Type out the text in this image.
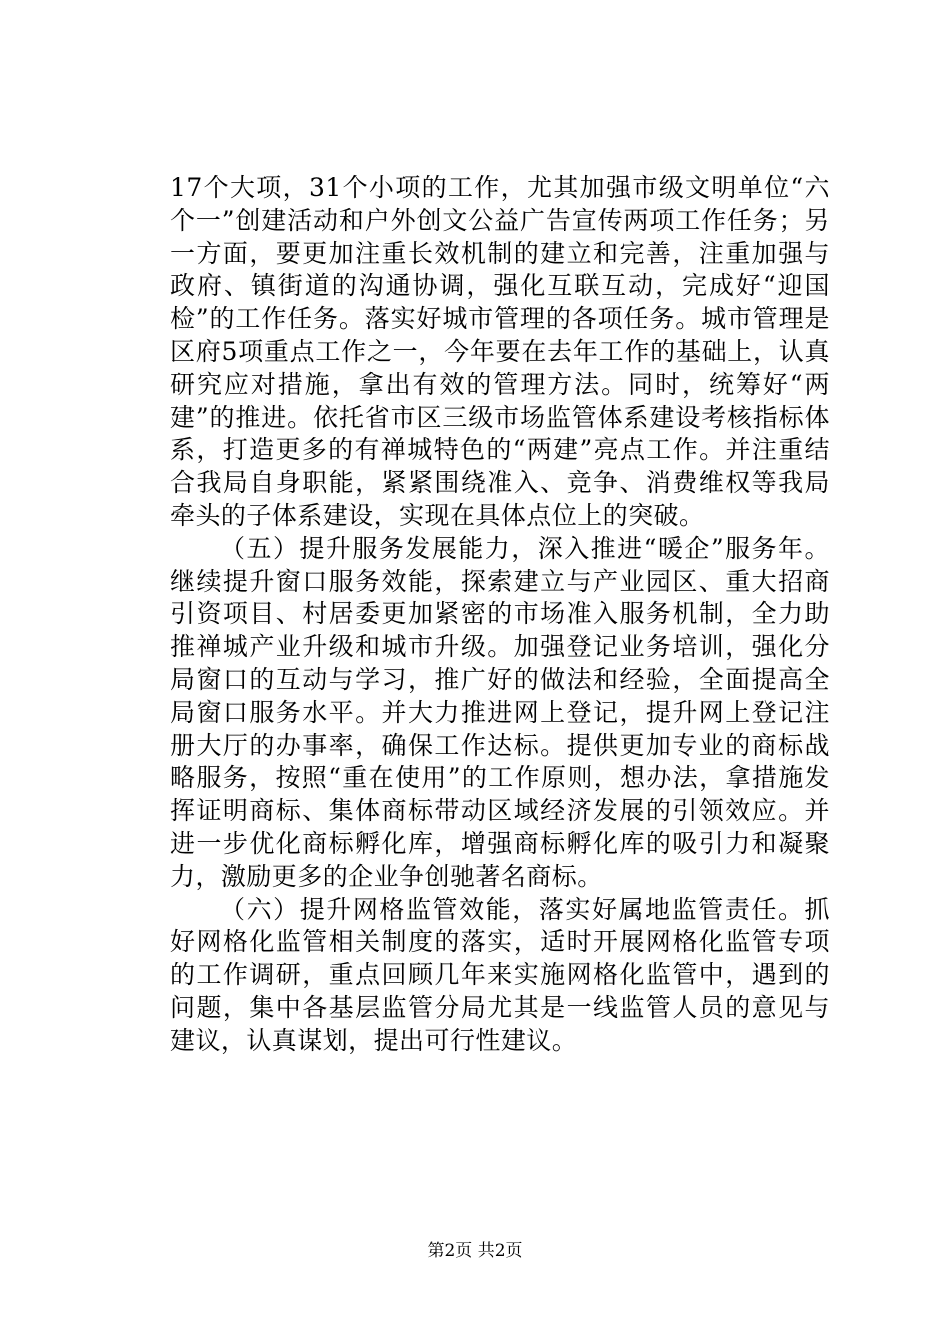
17个大项，31个小项的工作，尤其加强市级文明单位“六个一”创建活动和户外创文公益广告宣传两项工作任务；另一方面，要更加注重长效机制的建立和完善，注重加强与政府、镇街道的沟通协调，强化互联互动，完成好“迎国检”的工作任务。落实好城市管理的各项任务。城市管理是区府5项重点工作之一，今年要在去年工作的基础上，认真研究应对措施，拿出有效的管理方法。同时，统筹好“两建”的推进。依托省市区三级市场监管体系建设考核指标体系，打造更多的有禅城特色的“两建”亮点工作。并注重结合我局自身职能，紧紧围绕准入、竞争、消费维权等我局牵头的子体系建设，实现在具体点位上的突破。

（五）提升服务发展能力，深入推进“暖企”服务年。继续提升窗口服务效能，探索建立与产业园区、重大招商引资项目、村居委更加紧密的市场准入服务机制，全力助推禅城产业升级和城市升级。加强登记业务培训，强化分局窗口的互动与学习，推广好的做法和经验，全面提高全局窗口服务水平。并大力推进网上登记，提升网上登记注册大厅的办事率，确保工作达标。提供更加专业的商标战略服务，按照“重在使用”的工作原则，想办法，拿措施发挥证明商标、集体商标带动区域经济发展的引领效应。并进一步优化商标孵化库，增强商标孵化库的吸引力和凝聚力，激励更多的企业争创驰著名商标。

（六）提升网格监管效能，落实好属地监管责任。抓好网格化监管相关制度的落实，适时开展网格化监管专项的工作调研，重点回顾几年来实施网格化监管中，遇到的问题，集中各基层监管分局尤其是一线监管人员的意见与建议，认真谋划，提出可行性建议。

第2页 共2页
